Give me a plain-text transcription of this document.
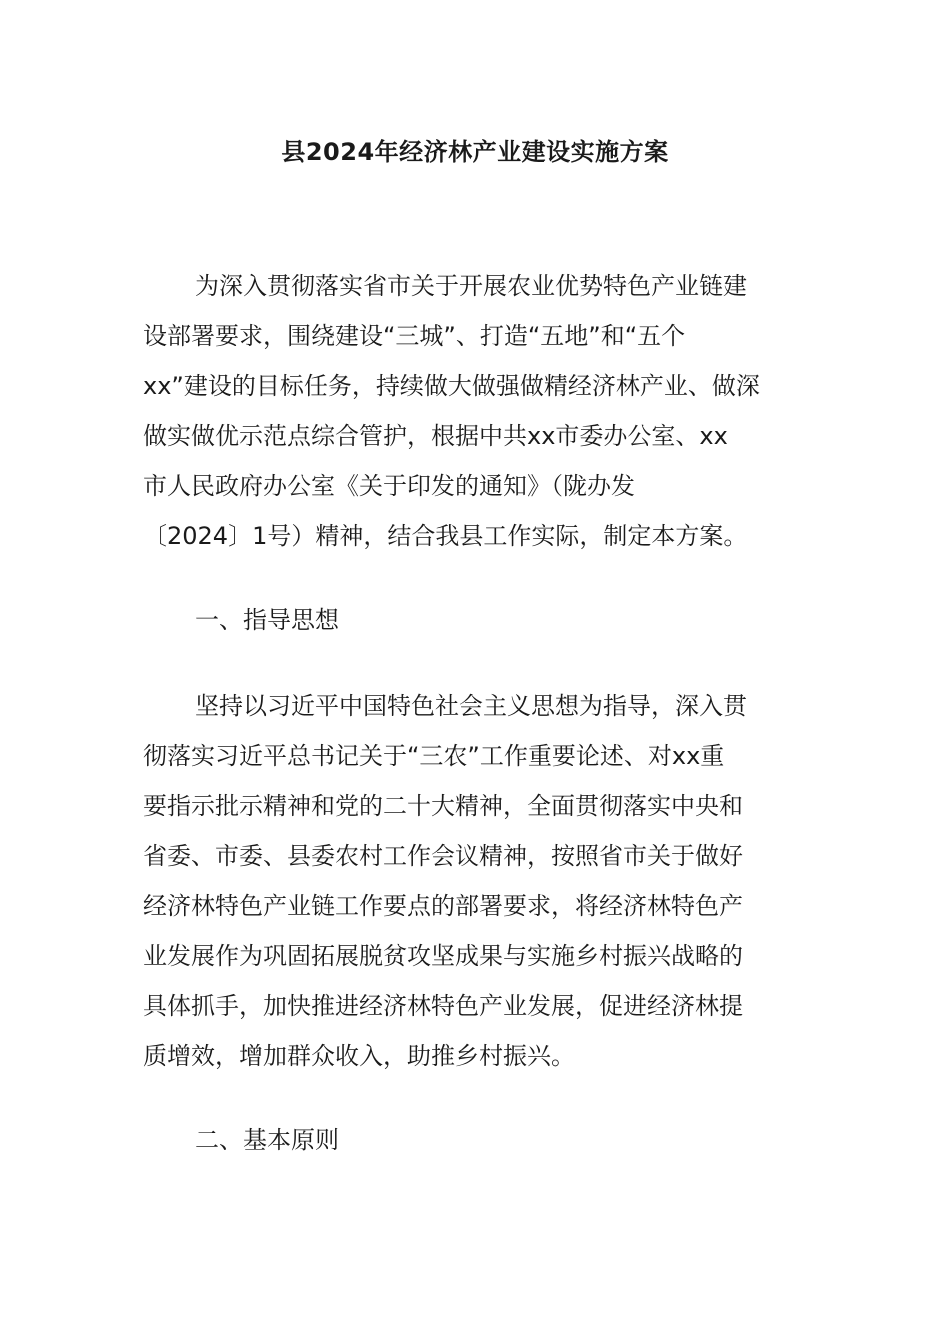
县2024年经济林产业建设实施方案
为深入贯彻落实省市关于开展农业优势特色产业链建
设部署要求，围绕建设“三城”、打造“五地”和“五个
xx”建设的目标任务，持续做大做强做精经济林产业、做深
做实做优示范点综合管护，根据中共xx市委办公室、xx
市人民政府办公室《关于印发的通知》（陇办发
〔2024〕1号）精神，结合我县工作实际，制定本方案。
一、指导思想
坚持以习近平中国特色社会主义思想为指导，深入贯
彻落实习近平总书记关于“三农”工作重要论述、对xx重
要指示批示精神和党的二十大精神，全面贯彻落实中央和
省委、市委、县委农村工作会议精神，按照省市关于做好
经济林特色产业链工作要点的部署要求，将经济林特色产
业发展作为巩固拓展脱贫攻坚成果与实施乡村振兴战略的
具体抓手，加快推进经济林特色产业发展，促进经济林提
质增效，增加群众收入，助推乡村振兴。
二、基本原则
